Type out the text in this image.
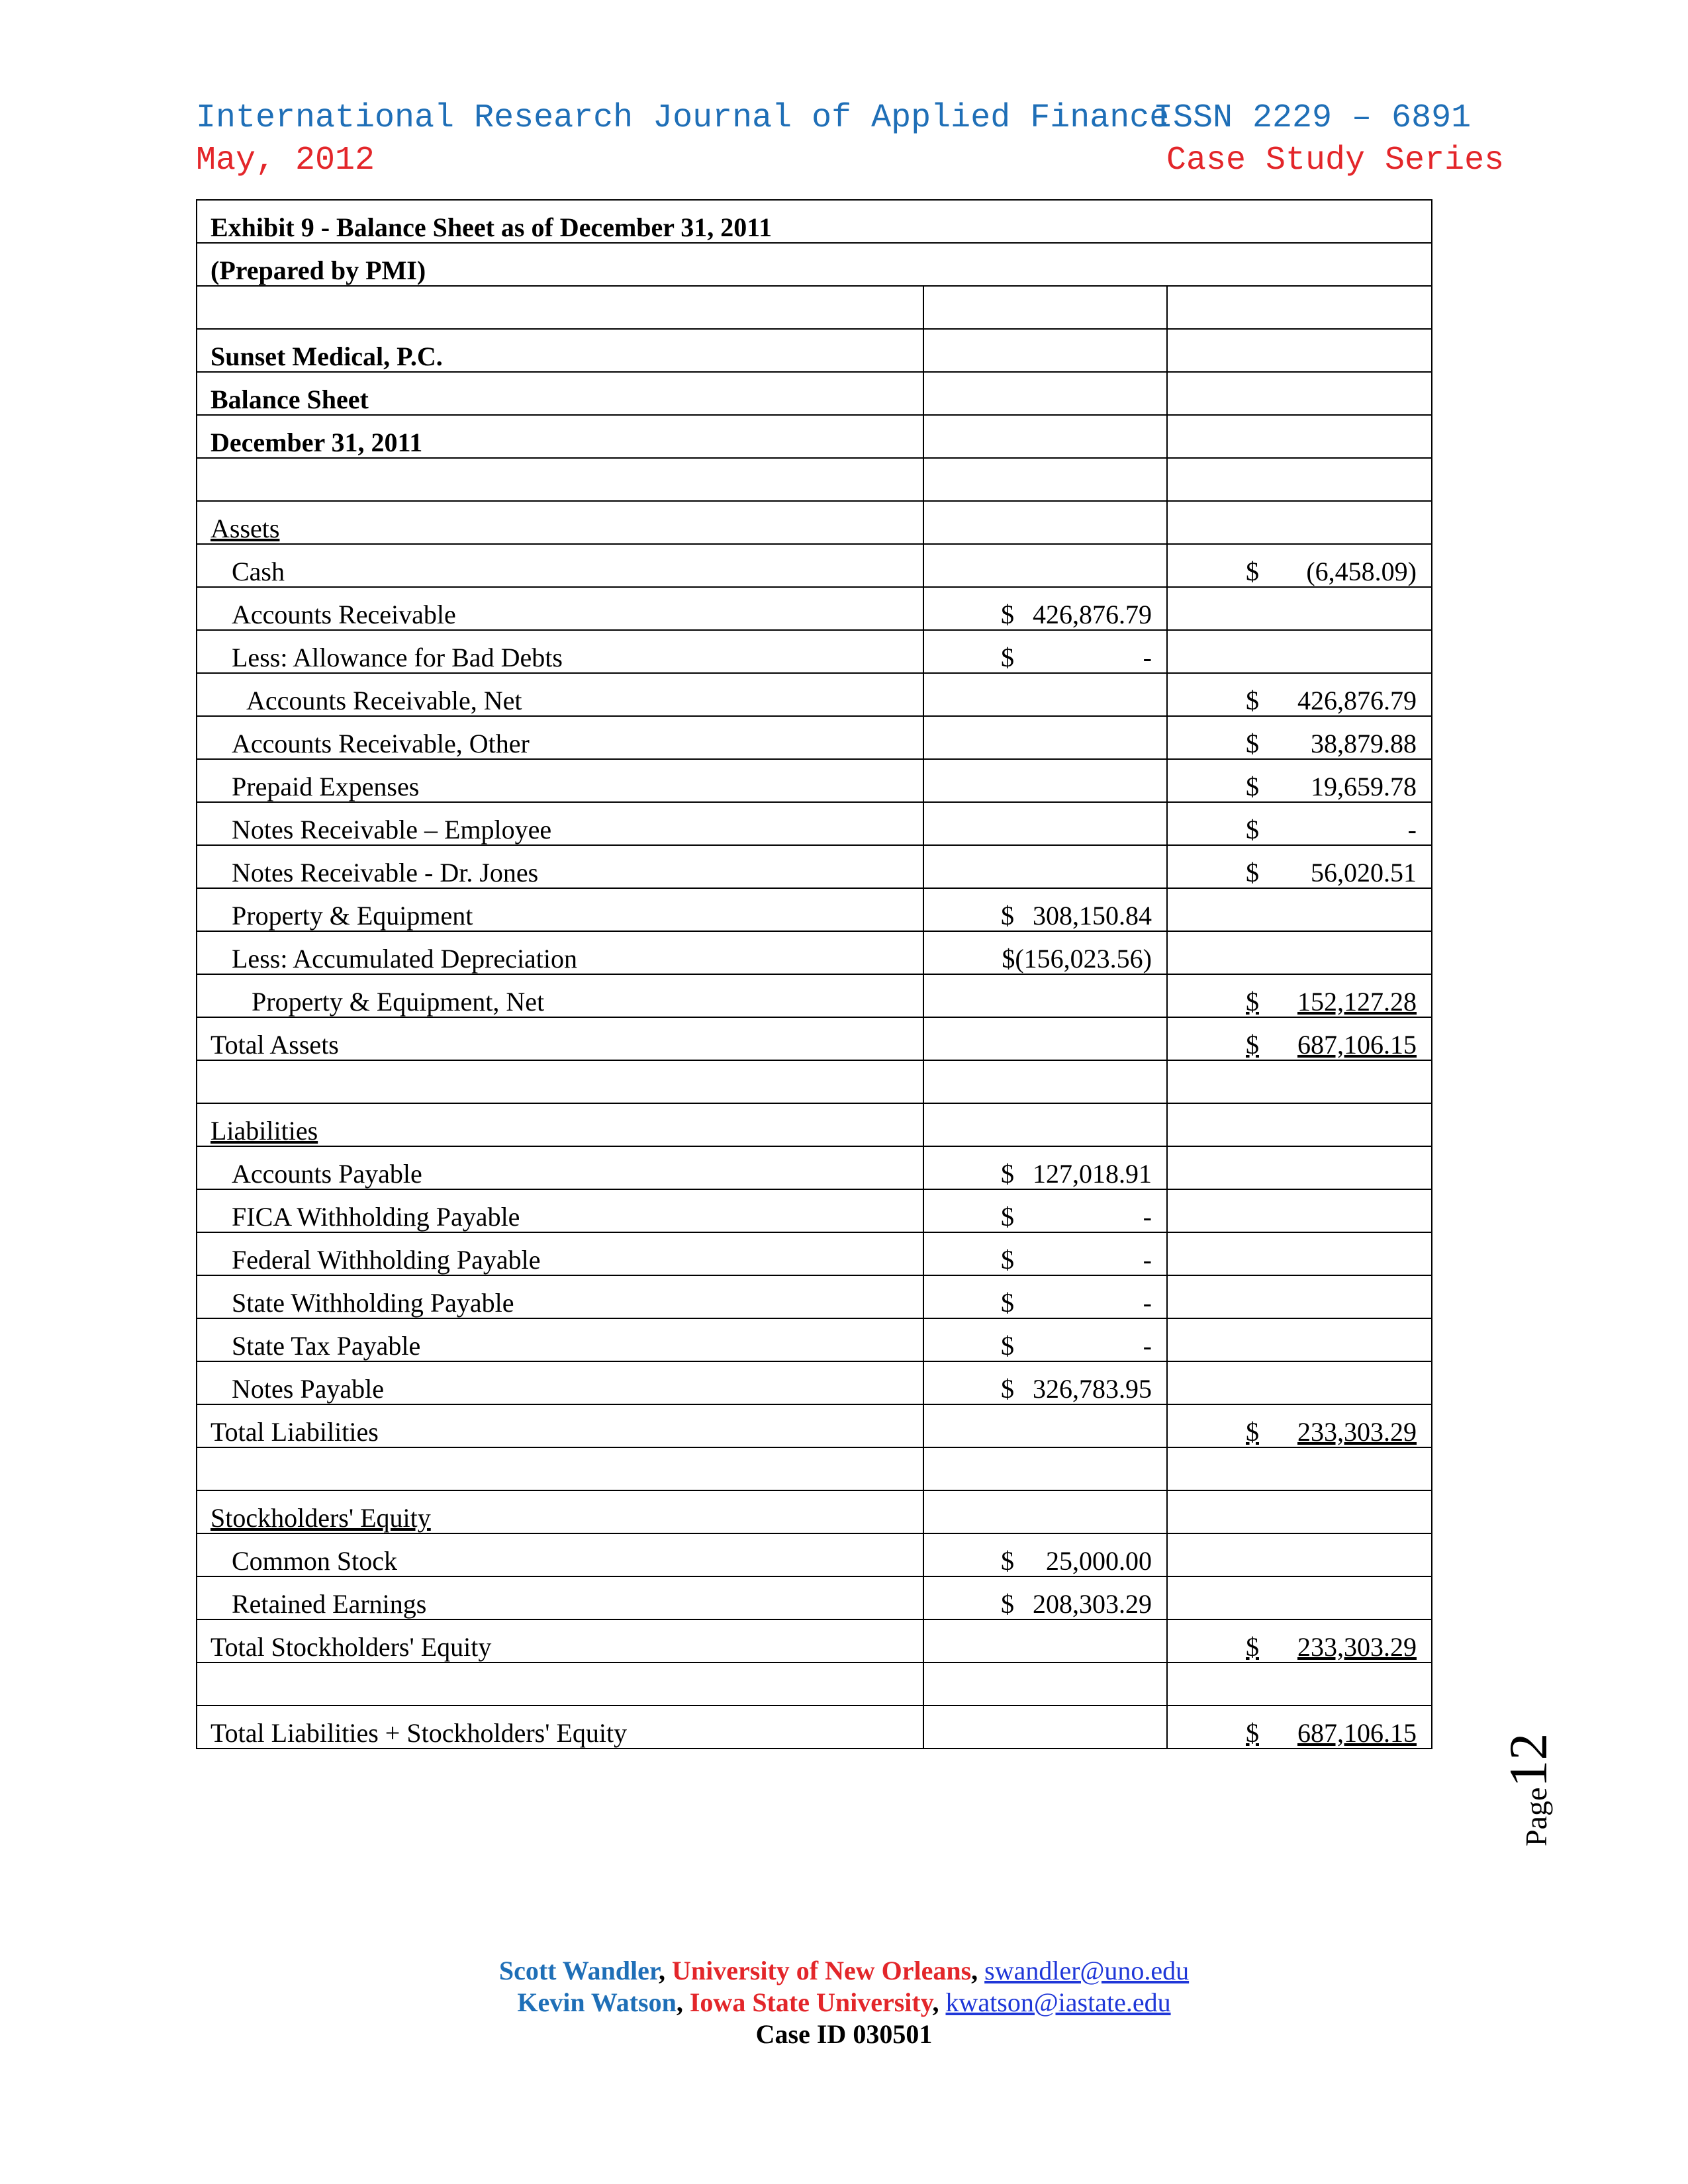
International Research Journal of Applied Finance
ISSN 2229 – 6891
May, 2012	Case Study Series
Exhibit 9 - Balance Sheet as of December 31, 2011		
(Prepared by PMI)		

Sunset Medical, P.C.		
Balance Sheet		
December 31, 2011		

Assets		
Cash		$ (6,458.09)

Accounts Receivable	$ 426,876.79	

Less: Allowance for Bad Debts	$ -	

Accounts Receivable, Net		$ 426,876.79

Accounts Receivable, Other		$ 38,879.88

Prepaid Expenses		$ 19,659.78

Notes Receivable – Employee		$ -

Notes Receivable - Dr. Jones		$ 56,020.51

Property & Equipment	$ 308,150.84	

Less: Accumulated Depreciation	$(156,023.56)	

Property & Equipment, Net		$ 152,127.28

Total Assets		$ 687,106.15

Liabilities		
Accounts Payable	$ 127,018.91	

FICA Withholding Payable	$ -	

Federal Withholding Payable	$ -	

State Withholding Payable	$ -	

State Tax Payable	$ -	

Notes Payable	$ 326,783.95	

Total Liabilities		$ 233,303.29

Stockholders' Equity		
Common Stock	$ 25,000.00	

Retained Earnings	$ 208,303.29	

Total Stockholders' Equity		$ 233,303.29

Total Liabilities + Stockholders' Equity		$ 687,106.15
Scott Wandler, University of New Orleans, swandler@uno.edu
Kevin Watson, Iowa State University, kwatson@iastate.edu
Case ID 030501
Page12
